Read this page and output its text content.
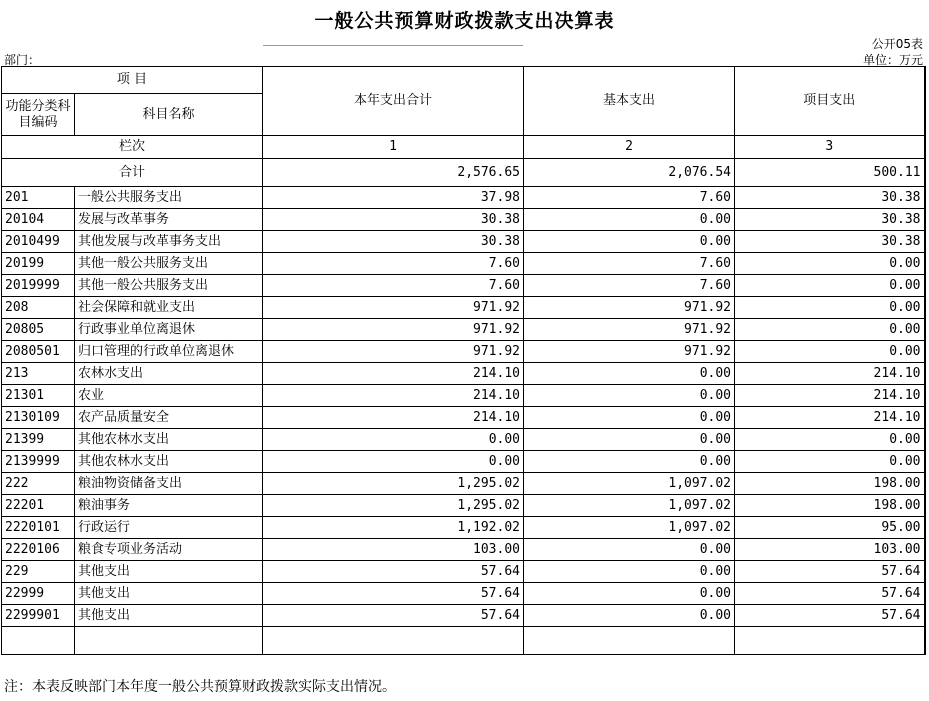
一般公共预算财政拨款支出决算表
公开05表
部门：	单位：万元
项 目		本年支出合计	基本支出	项目支出
功能分类科目编码	科目名称			
栏次		1	2	3
合计		2,576.65	2,076.54	500.11
201	一般公共服务支出	37.98	7.60	30.38
20104	发展与改革事务	30.38	0.00	30.38
2010499	其他发展与改革事务支出	30.38	0.00	30.38
20199	其他一般公共服务支出	7.60	7.60	0.00
2019999	其他一般公共服务支出	7.60	7.60	0.00
208	社会保障和就业支出	971.92	971.92	0.00
20805	行政事业单位离退休	971.92	971.92	0.00
2080501	归口管理的行政单位离退休	971.92	971.92	0.00
213	农林水支出	214.10	0.00	214.10
21301	农业	214.10	0.00	214.10
2130109	农产品质量安全	214.10	0.00	214.10
21399	其他农林水支出	0.00	0.00	0.00
2139999	其他农林水支出	0.00	0.00	0.00
222	粮油物资储备支出	1,295.02	1,097.02	198.00
22201	粮油事务	1,295.02	1,097.02	198.00
2220101	行政运行	1,192.02	1,097.02	95.00
2220106	粮食专项业务活动	103.00	0.00	103.00
229	其他支出	57.64	0.00	57.64
22999	其他支出	57.64	0.00	57.64
2299901	其他支出	57.64	0.00	57.64

注：本表反映部门本年度一般公共预算财政拨款实际支出情况。
